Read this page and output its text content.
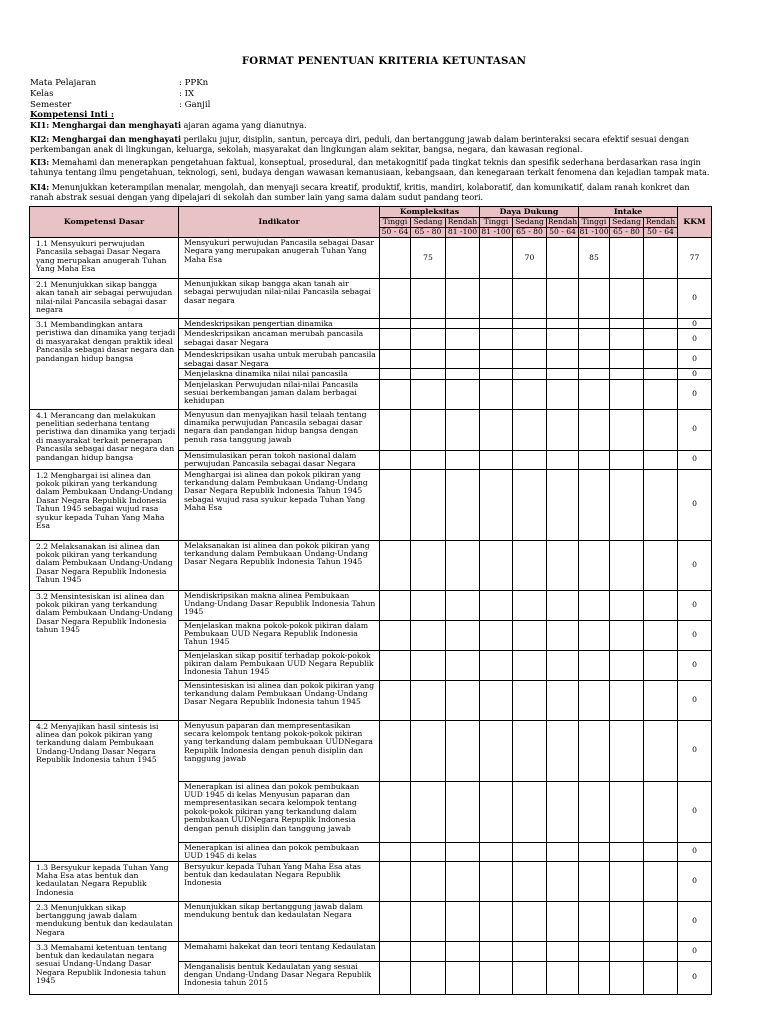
FORMAT PENENTUAN KRITERIA KETUNTASAN
Mata Pelajaran	: PPKn
Kelas	: IX
Semester	: Ganjil
Kompetensi Inti :
KI1: Menghargai dan menghayati ajaran agama yang dianutnya.
KI2: Menghargai dan menghayati perilaku jujur, disiplin, santun, percaya diri, peduli, dan bertanggung jawab dalam berinteraksi secara efektif sesuai dengan perkembangan anak di lingkungan, keluarga, sekolah, masyarakat dan lingkungan alam sekitar, bangsa, negara, dan kawasan regional.
KI3: Memahami dan menerapkan pengetahuan faktual, konseptual, prosedural, dan metakognitif pada tingkat teknis dan spesifik sederhana berdasarkan rasa ingin tahunya tentang ilmu pengetahuan, teknologi, seni, budaya dengan wawasan kemanusiaan, kebangsaan, dan kenegaraan terkait fenomena dan kejadian tampak mata.
KI4: Menunjukkan keterampilan menalar, mengolah, dan menyaji secara kreatif, produktif, kritis, mandiri, kolaboratif, dan komunikatif, dalam ranah konkret dan ranah abstrak sesuai dengan yang dipelajari di sekolah dan sumber lain yang sama dalam sudut pandang teori.
Kompetensi Dasar	Indikator	Kompleksitas			Daya Dukung			Intake			KKM
		Tinggi	Sedang	Rendah	Tinggi	Sedang	Rendah	Tinggi	Sedang	Rendah	
		50 - 64	65 - 80	81 -100	81 -100	65 - 80	50 - 64	81 -100	65 - 80	50 - 64	
1.1 Mensyukuri perwujudan Pancasila sebagai Dasar Negara yang merupakan anugerah Tuhan Yang Maha Esa	Mensyukuri perwujudan Pancasila sebagai Dasar Negara yang merupakan anugerah Tuhan Yang Maha Esa		75			70		85			77
2.1 Menunjukkan sikap bangga akan tanah air sebagai perwujudan nilai-nilai Pancasila sebagai dasar negara	Menunjukkan sikap bangga akan tanah air sebagai perwujudan nilai-nilai Pancasila sebagai dasar negara										0
3.1 Membandingkan antara peristiwa dan dinamika yang terjadi di masyarakat dengan praktik ideal Pancasila sebagai dasar negara dan pandangan hidup bangsa	Mendeskripsikan pengertian dinamika										0
	Mendeskripsikan ancaman merubah pancasila sebagai dasar Negara										0
	Mendeskripsikan usaha untuk merubah pancasila sebagai dasar Negara										0
	Menjelaskna dinamika nilai nilai pancasila										0
	Menjelaskan Perwujudan nilai-nilai Pancasila sesuai berkembangan jaman dalam berbagai kehidupan										0
4.1 Merancang dan melakukan penelitian sederhana tentang peristiwa dan dinamika yang terjadi di masyarakat terkait penerapan Pancasila sebagai dasar negara dan pandangan hidup bangsa	Menyusun dan menyajikan hasil telaah tentang dinamika perwujudan Pancasila sebagai dasar negara dan pandangan hidup bangsa dengan penuh rasa tanggung jawab										0
	Mensimulasikan peran tokoh nasional dalam perwujudan Pancasila sebagai dasar Negara										0
1.2 Menghargai isi alinea dan pokok pikiran yang terkandung dalam Pembukaan Undang-Undang Dasar Negara Republik Indonesia Tahun 1945 sebagai wujud rasa syukur kepada Tuhan Yang Maha Esa	Menghargai isi alinea dan pokok pikiran yang terkandung dalam Pembukaan Undang-Undang Dasar Negara Republik Indonesia Tahun 1945 sebagai wujud rasa syukur kepada Tuhan Yang Maha Esa										0
2.2 Melaksanakan isi alinea dan pokok pikiran yang terkandung dalam Pembukaan Undang-Undang Dasar Negara Republik Indonesia Tahun 1945	Melaksanakan isi alinea dan pokok pikiran yang terkandung dalam Pembukaan Undang-Undang Dasar Negara Republik Indonesia Tahun 1945										0
3.2 Mensintesiskan isi alinea dan pokok pikiran yang terkandung dalam Pembukaan Undang-Undang Dasar Negara Republik Indonesia tahun 1945	Mendiskripsikan makna alinea Pembukaan Undang-Undang Dasar Republik Indonesia Tahun 1945										0
	Menjelaskan makna pokok-pokok pikiran dalam Pembukaan UUD Negara Republik Indonesia Tahun 1945										0
	Menjelaskan sikap positif terhadap pokok-pokok pikiran dalam Pembukaan UUD Negara Republik Indonesia Tahun 1945										0
	Mensintesiskan isi alinea dan pokok pikiran yang terkandung dalam Pembukaan Undang-Undang Dasar Negara Republik Indonesia tahun 1945										0
4.2 Menyajikan hasil sintesis isi alinea dan pokok pikiran yang terkandung dalam Pembukaan Undang-Undang Dasar Negara Republik Indonesia tahun 1945	Menyusun paparan dan mempresentasikan secara kelompok tentang pokok-pokok pikiran yang terkandung dalam pembukaan UUDNegara Repuplik Indonesia dengan penuh disiplin dan tanggung jawab										0
	Menerapkan isi alinea dan pokok pembukaan UUD 1945 di kelas Menyusun paparan dan mempresentasikan secara kelompok tentang pokok-pokok pikiran yang terkandung dalam pembukaan UUDNegara Repuplik Indonesia dengan penuh disiplin dan tanggung jawab										0
	Menerapkan isi alinea dan pokok pembukaan UUD 1945 di kelas										0
1.3 Bersyukur kepada Tuhan Yang Maha Esa atas bentuk dan kedaulatan Negara Republik Indonesia	Bersyukur kepada Tuhan Yang Maha Esa atas bentuk dan kedaulatan Negara Republik Indonesia										0
2.3 Menunjukkan sikap bertanggung jawab dalam mendukung bentuk dan kedaulatan Negara	Menunjukkan sikap bertanggung jawab dalam mendukung bentuk dan kedaulatan Negara										0
3.3 Memahami ketentuan tentang bentuk dan kedaulatan negara sesuai Undang-Undang Dasar Negara Republik Indonesia tahun 1945	Memahami hakekat dan teori tentang Kedaulatan										0
	Menganalisis bentuk Kedaulatan yang sesuai dengan Undang-Undang Dasar Negara Republik Indonesia tahun 2015										0
